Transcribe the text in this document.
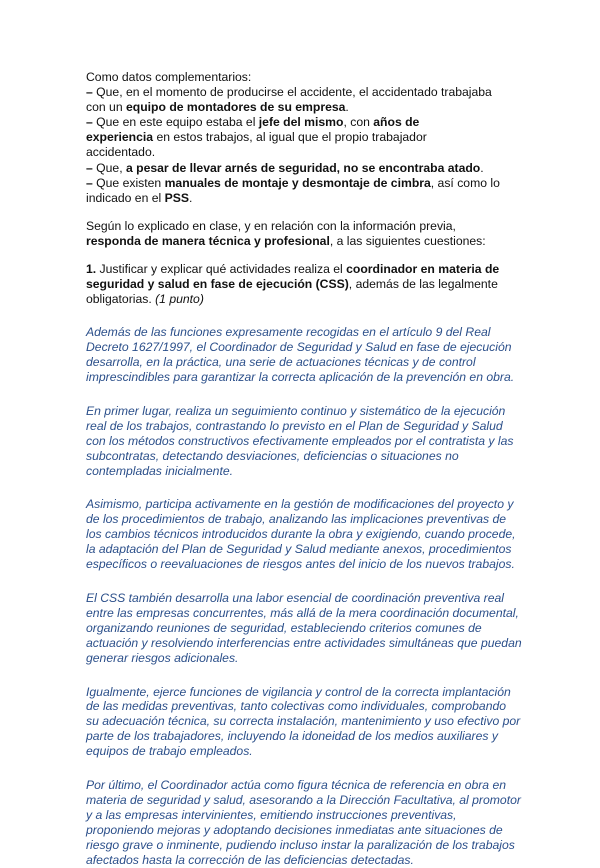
Como datos complementarios:
– Que, en el momento de producirse el accidente, el accidentado trabajaba con un equipo de montadores de su empresa.
– Que en este equipo estaba el jefe del mismo, con años de experiencia en estos trabajos, al igual que el propio trabajador accidentado.
– Que, a pesar de llevar arnés de seguridad, no se encontraba atado.
– Que existen manuales de montaje y desmontaje de cimbra, así como lo indicado en el PSS.
Según lo explicado en clase, y en relación con la información previa, responda de manera técnica y profesional, a las siguientes cuestiones:
1. Justificar y explicar qué actividades realiza el coordinador en materia de seguridad y salud en fase de ejecución (CSS), además de las legalmente obligatorias. (1 punto)

Además de las funciones expresamente recogidas en el artículo 9 del Real Decreto 1627/1997, el Coordinador de Seguridad y Salud en fase de ejecución desarrolla, en la práctica, una serie de actuaciones técnicas y de control imprescindibles para garantizar la correcta aplicación de la prevención en obra.

En primer lugar, realiza un seguimiento continuo y sistemático de la ejecución real de los trabajos, contrastando lo previsto en el Plan de Seguridad y Salud con los métodos constructivos efectivamente empleados por el contratista y las subcontratas, detectando desviaciones, deficiencias o situaciones no contempladas inicialmente.

Asimismo, participa activamente en la gestión de modificaciones del proyecto y de los procedimientos de trabajo, analizando las implicaciones preventivas de los cambios técnicos introducidos durante la obra y exigiendo, cuando procede, la adaptación del Plan de Seguridad y Salud mediante anexos, procedimientos específicos o reevaluaciones de riesgos antes del inicio de los nuevos trabajos.

El CSS también desarrolla una labor esencial de coordinación preventiva real entre las empresas concurrentes, más allá de la mera coordinación documental, organizando reuniones de seguridad, estableciendo criterios comunes de actuación y resolviendo interferencias entre actividades simultáneas que puedan generar riesgos adicionales.

Igualmente, ejerce funciones de vigilancia y control de la correcta implantación de las medidas preventivas, tanto colectivas como individuales, comprobando su adecuación técnica, su correcta instalación, mantenimiento y uso efectivo por parte de los trabajadores, incluyendo la idoneidad de los medios auxiliares y equipos de trabajo empleados.

Por último, el Coordinador actúa como figura técnica de referencia en obra en materia de seguridad y salud, asesorando a la Dirección Facultativa, al promotor y a las empresas intervinientes, emitiendo instrucciones preventivas, proponiendo mejoras y adoptando decisiones inmediatas ante situaciones de riesgo grave o inminente, pudiendo incluso instar la paralización de los trabajos afectados hasta la corrección de las deficiencias detectadas.
